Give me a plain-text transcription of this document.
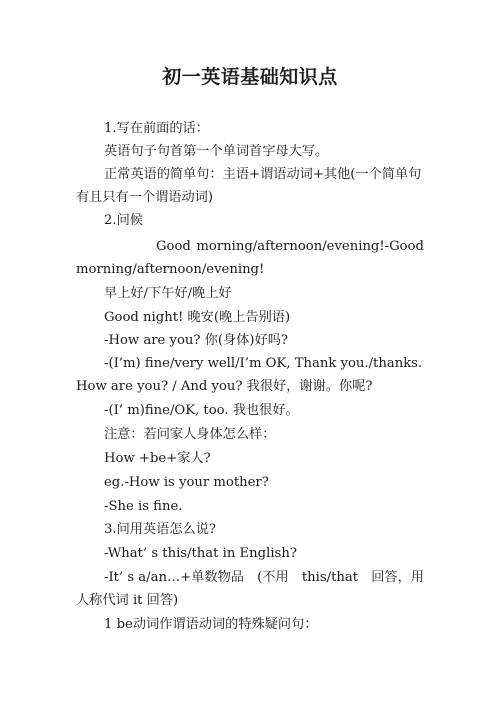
初一英语基础知识点
1.写在前面的话：
英语句子句首第一个单词首字母大写。
正常英语的简单句：主语+谓语动词+其他(一个简单句
有且只有一个谓语动词)
2.问候
Good morning/afternoon/evening!-Good
morning/afternoon/evening!
早上好/下午好/晚上好
Good night! 晚安(晚上告别语)
-How are you? 你(身体)好吗?
-(I’m) fine/very well/I’m OK, Thank you./thanks.
How are you? / And you? 我很好，谢谢。你呢?
-(I’ m)fine/OK, too. 我也很好。
注意：若问家人身体怎么样：
How +be+家人?
eg.-How is your mother?
-She is fine.
3.问用英语怎么说?
-What’ s this/that in English?
-It’ s a/an…+单数物品 (不用 this/that 回答，用
人称代词 it 回答)
1 be动词作谓语动词的特殊疑问句：
